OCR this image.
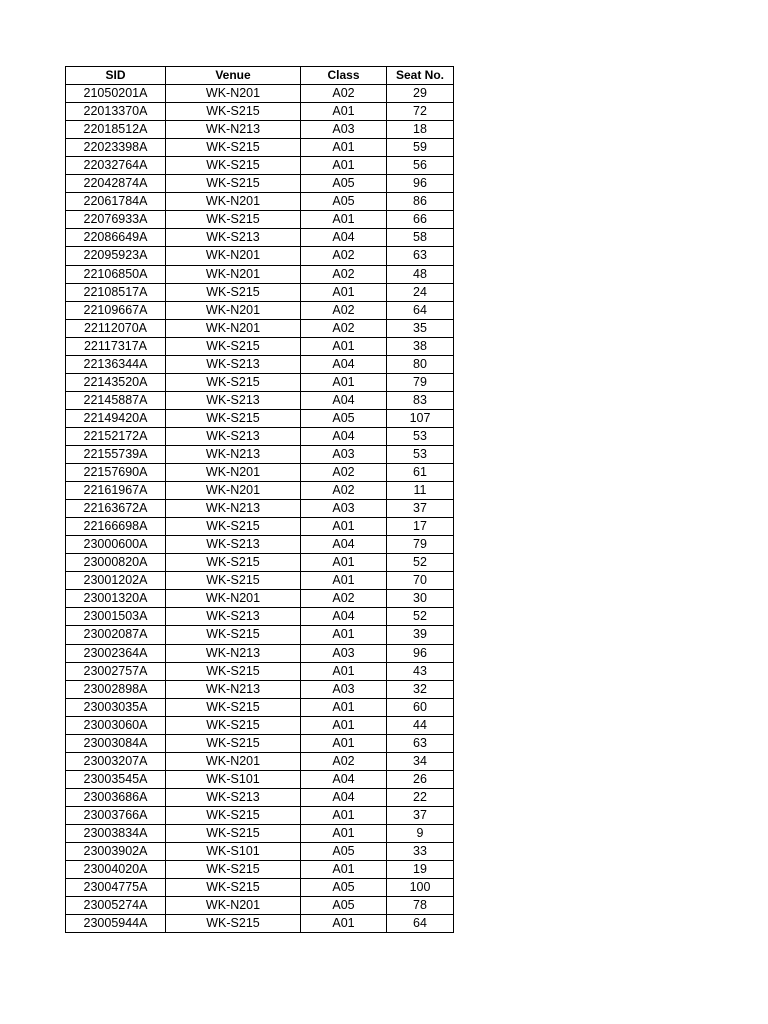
SID	Venue	Class	Seat No.
21050201A	WK-N201	A02	29
22013370A	WK-S215	A01	72
22018512A	WK-N213	A03	18
22023398A	WK-S215	A01	59
22032764A	WK-S215	A01	56
22042874A	WK-S215	A05	96
22061784A	WK-N201	A05	86
22076933A	WK-S215	A01	66
22086649A	WK-S213	A04	58
22095923A	WK-N201	A02	63
22106850A	WK-N201	A02	48
22108517A	WK-S215	A01	24
22109667A	WK-N201	A02	64
22112070A	WK-N201	A02	35
22117317A	WK-S215	A01	38
22136344A	WK-S213	A04	80
22143520A	WK-S215	A01	79
22145887A	WK-S213	A04	83
22149420A	WK-S215	A05	107
22152172A	WK-S213	A04	53
22155739A	WK-N213	A03	53
22157690A	WK-N201	A02	61
22161967A	WK-N201	A02	11
22163672A	WK-N213	A03	37
22166698A	WK-S215	A01	17
23000600A	WK-S213	A04	79
23000820A	WK-S215	A01	52
23001202A	WK-S215	A01	70
23001320A	WK-N201	A02	30
23001503A	WK-S213	A04	52
23002087A	WK-S215	A01	39
23002364A	WK-N213	A03	96
23002757A	WK-S215	A01	43
23002898A	WK-N213	A03	32
23003035A	WK-S215	A01	60
23003060A	WK-S215	A01	44
23003084A	WK-S215	A01	63
23003207A	WK-N201	A02	34
23003545A	WK-S101	A04	26
23003686A	WK-S213	A04	22
23003766A	WK-S215	A01	37
23003834A	WK-S215	A01	9
23003902A	WK-S101	A05	33
23004020A	WK-S215	A01	19
23004775A	WK-S215	A05	100
23005274A	WK-N201	A05	78
23005944A	WK-S215	A01	64
